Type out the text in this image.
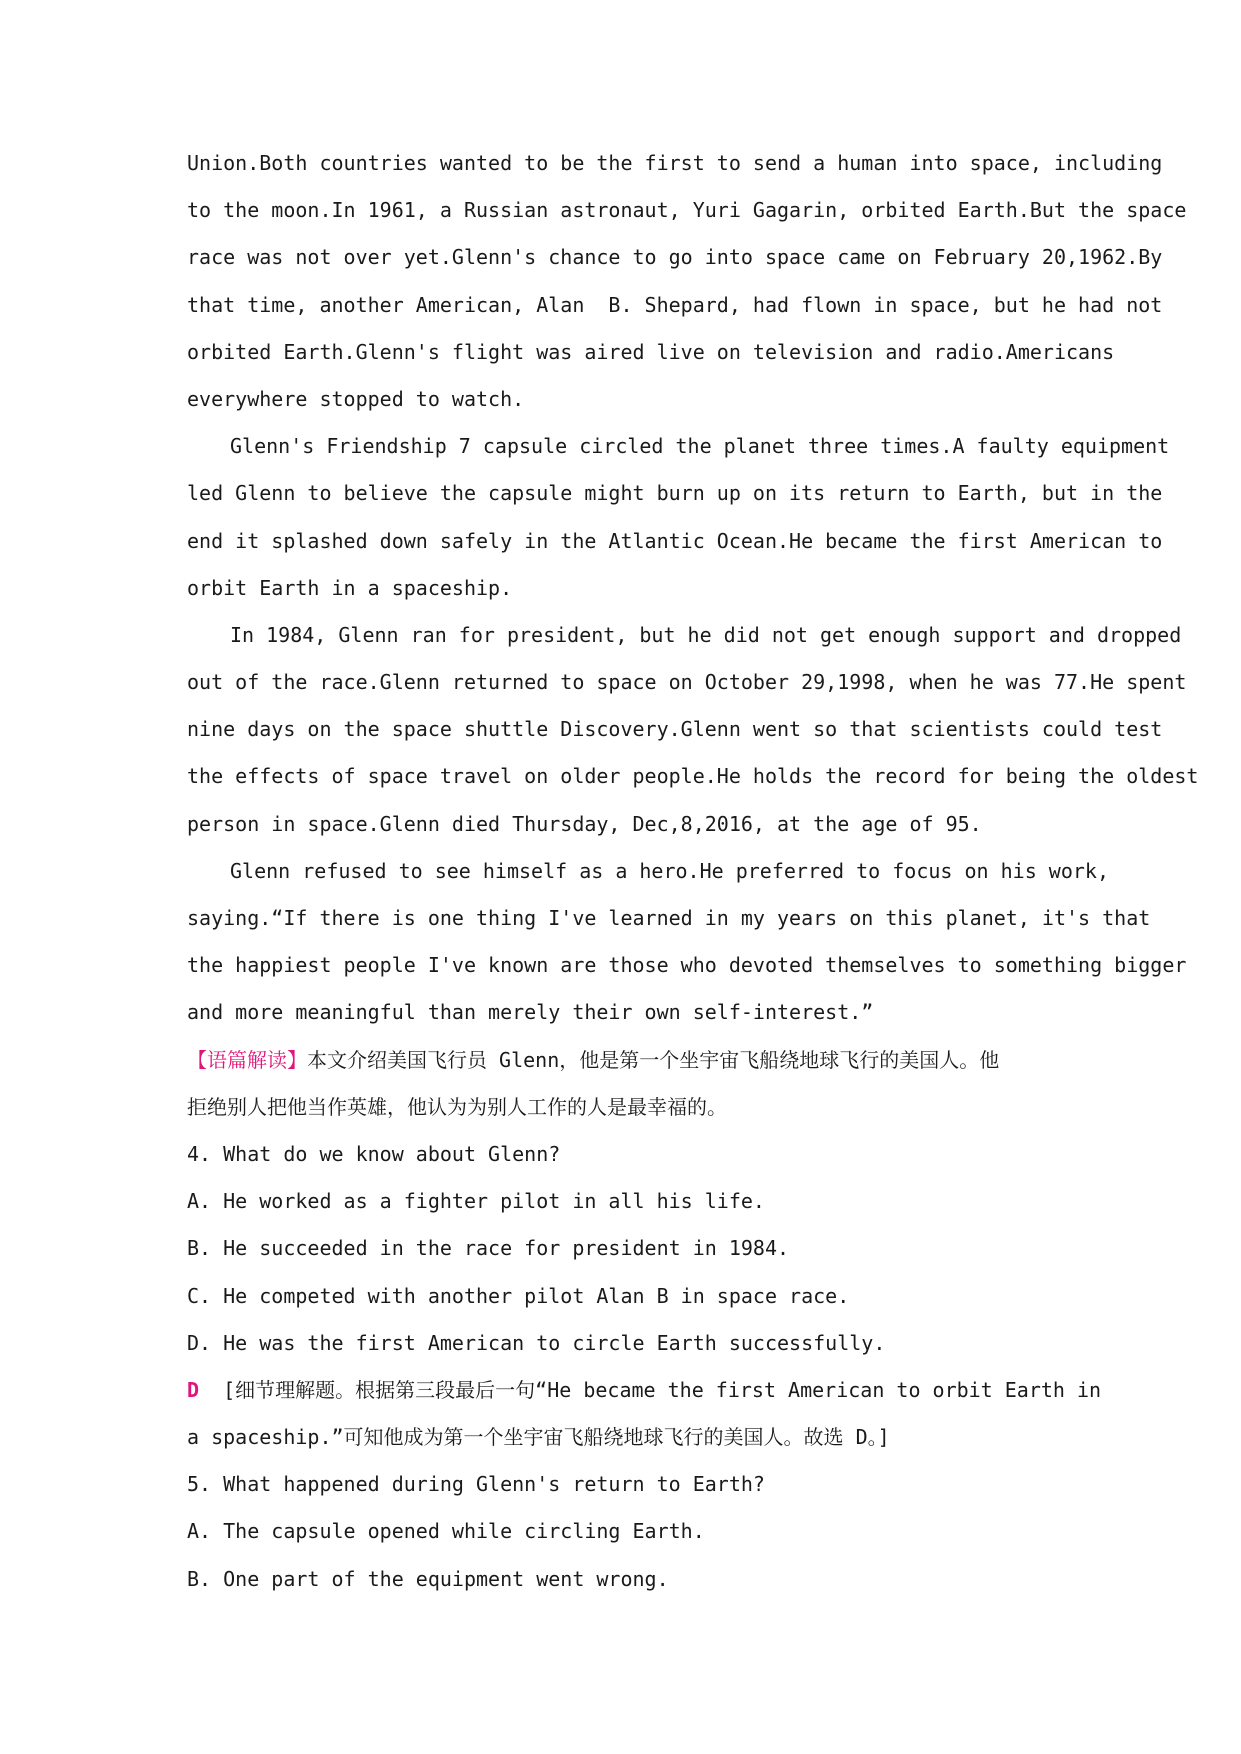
Union.Both countries wanted to be the first to send a human into space, including
to the moon.In 1961, a Russian astronaut, Yuri Gagarin, orbited Earth.But the space
race was not over yet.Glenn's chance to go into space came on February 20,1962.By
that time, another American, Alan  B. Shepard, had flown in space, but he had not
orbited Earth.Glenn's flight was aired live on television and radio.Americans
everywhere stopped to watch.
Glenn's Friendship 7 capsule circled the planet three times.A faulty equipment
led Glenn to believe the capsule might burn up on its return to Earth, but in the
end it splashed down safely in the Atlantic Ocean.He became the first American to
orbit Earth in a spaceship.
In 1984, Glenn ran for president, but he did not get enough support and dropped
out of the race.Glenn returned to space on October 29,1998, when he was 77.He spent
nine days on the space shuttle Discovery.Glenn went so that scientists could test
the effects of space travel on older people.He holds the record for being the oldest
person in space.Glenn died Thursday, Dec,8,2016, at the age of 95.
Glenn refused to see himself as a hero.He preferred to focus on his work,
saying.“If there is one thing I've learned in my years on this planet, it's that
the happiest people I've known are those who devoted themselves to something bigger
and more meaningful than merely their own self-interest.”
【语篇解读】本文介绍美国飞行员 Glenn，他是第一个坐宇宙飞船绕地球飞行的美国人。他
拒绝别人把他当作英雄，他认为为别人工作的人是最幸福的。
4. What do we know about Glenn?
A. He worked as a fighter pilot in all his life.
B. He succeeded in the race for president in 1984.
C. He competed with another pilot Alan B in space race.
D. He was the first American to circle Earth successfully.
D  [细节理解题。根据第三段最后一句“He became the first American to orbit Earth in
a spaceship.”可知他成为第一个坐宇宙飞船绕地球飞行的美国人。故选 D。]
5. What happened during Glenn's return to Earth?
A. The capsule opened while circling Earth.
B. One part of the equipment went wrong.
